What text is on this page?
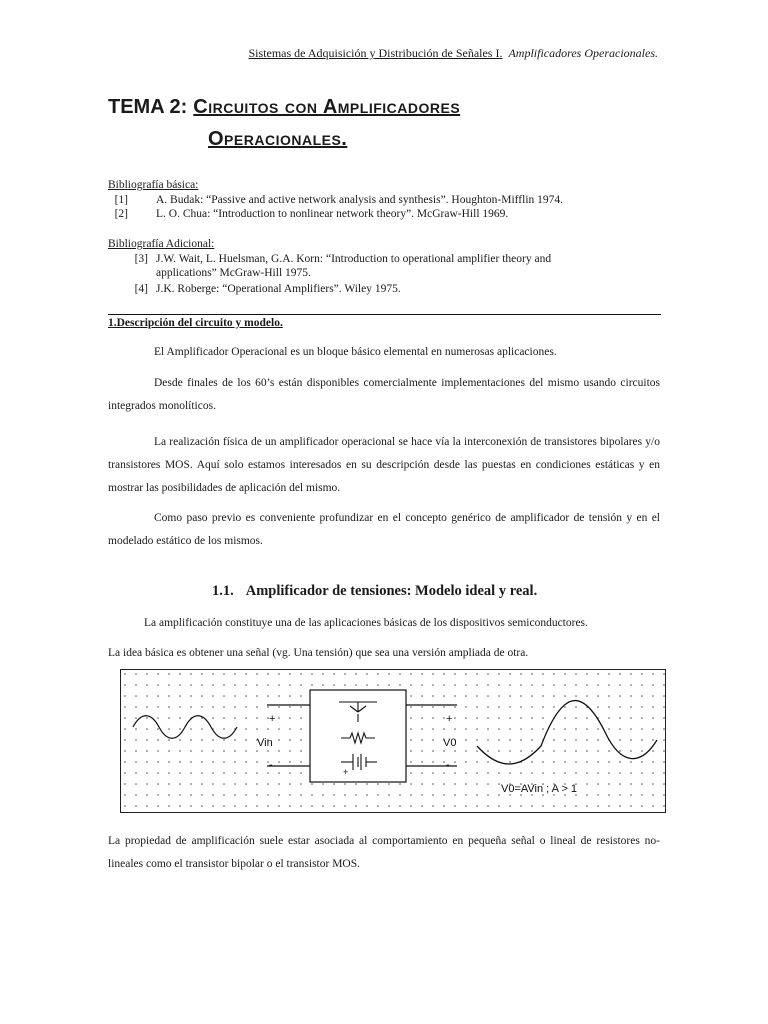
Sistemas de Adquisición y Distribución de Señales I. Amplificadores Operacionales.
TEMA 2: Circuitos con Amplificadores
Operacionales.
Bibliografía básica:
[1] A. Budak: “Passive and active network analysis and synthesis”. Houghton-Mifflin 1974.
[2] L. O. Chua: “Introduction to nonlinear network theory”. McGraw-Hill 1969.
Bibliografía Adicional:
[3] J.W. Wait, L. Huelsman, G.A. Korn: “Introduction to operational amplifier theory and
applications” McGraw-Hill 1975.
[4] J.K. Roberge: “Operational Amplifiers”. Wiley 1975.
1.Descripción del circuito y modelo.
El Amplificador Operacional es un bloque básico elemental en numerosas aplicaciones.
Desde finales de los 60’s están disponibles comercialmente implementaciones del mismo usando circuitos integrados monolíticos.
La realización física de un amplificador operacional se hace vía la interconexión de transistores bipolares y/o transistores MOS. Aquí solo estamos interesados en su descripción desde las puestas en condiciones estáticas y en mostrar las posibilidades de aplicación del mismo.
Como paso previo es conveniente profundizar en el concepto genérico de amplificador de tensión y en el modelado estático de los mismos.
1.1. Amplificador de tensiones: Modelo ideal y real.
La amplificación constituye una de las aplicaciones básicas de los dispositivos semiconductores.
La idea básica es obtener una señal (vg. Una tensión) que sea una versión ampliada de otra.
+
Vin
-
+
+
V0
-
V0=AVin ; A > 1
La propiedad de amplificación suele estar asociada al comportamiento en pequeña señal o lineal de resistores no-lineales como el transistor bipolar o el transistor MOS.
